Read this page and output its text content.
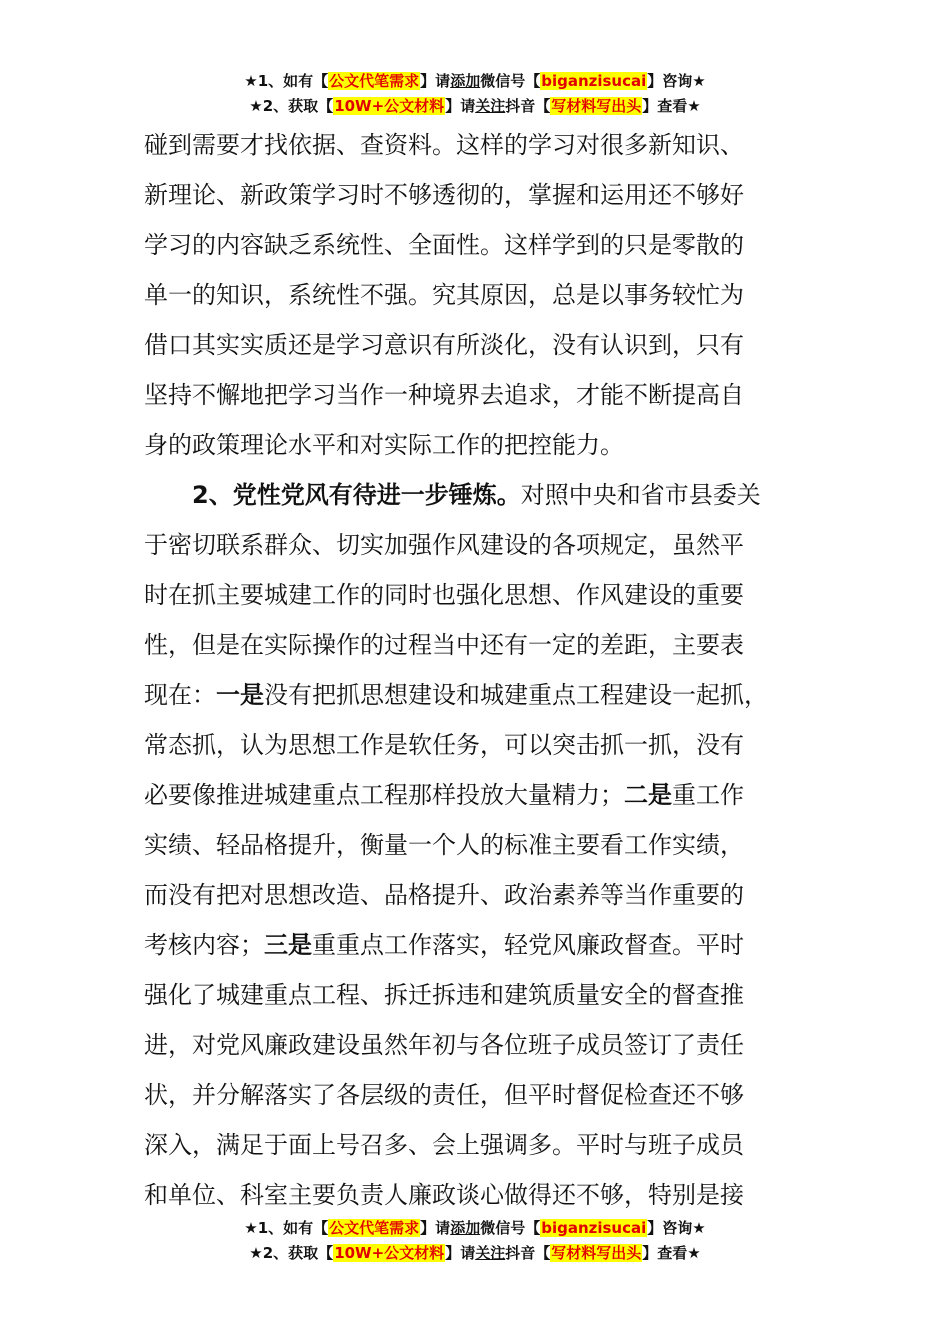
★1、如有【公文代笔需求】请添加微信号【biganzisucai】咨询★
★2、获取【10W+公文材料】请关注抖音【写材料写出头】查看★
碰到需要才找依据、查资料。这样的学习对很多新知识、
新理论、新政策学习时不够透彻的，掌握和运用还不够好
学习的内容缺乏系统性、全面性。这样学到的只是零散的
单一的知识，系统性不强。究其原因，总是以事务较忙为
借口其实实质还是学习意识有所淡化，没有认识到，只有
坚持不懈地把学习当作一种境界去追求，才能不断提高自
身的政策理论水平和对实际工作的把控能力。
2、党性党风有待进一步锤炼。对照中央和省市县委关
于密切联系群众、切实加强作风建设的各项规定，虽然平
时在抓主要城建工作的同时也强化思想、作风建设的重要
性，但是在实际操作的过程当中还有一定的差距，主要表
现在：一是没有把抓思想建设和城建重点工程建设一起抓，
常态抓，认为思想工作是软任务，可以突击抓一抓，没有
必要像推进城建重点工程那样投放大量精力；二是重工作
实绩、轻品格提升，衡量一个人的标准主要看工作实绩，
而没有把对思想改造、品格提升、政治素养等当作重要的
考核内容；三是重重点工作落实，轻党风廉政督查。平时
强化了城建重点工程、拆迁拆违和建筑质量安全的督查推
进，对党风廉政建设虽然年初与各位班子成员签订了责任
状，并分解落实了各层级的责任，但平时督促检查还不够
深入，满足于面上号召多、会上强调多。平时与班子成员
和单位、科室主要负责人廉政谈心做得还不够，特别是接
★1、如有【公文代笔需求】请添加微信号【biganzisucai】咨询★
★2、获取【10W+公文材料】请关注抖音【写材料写出头】查看★
